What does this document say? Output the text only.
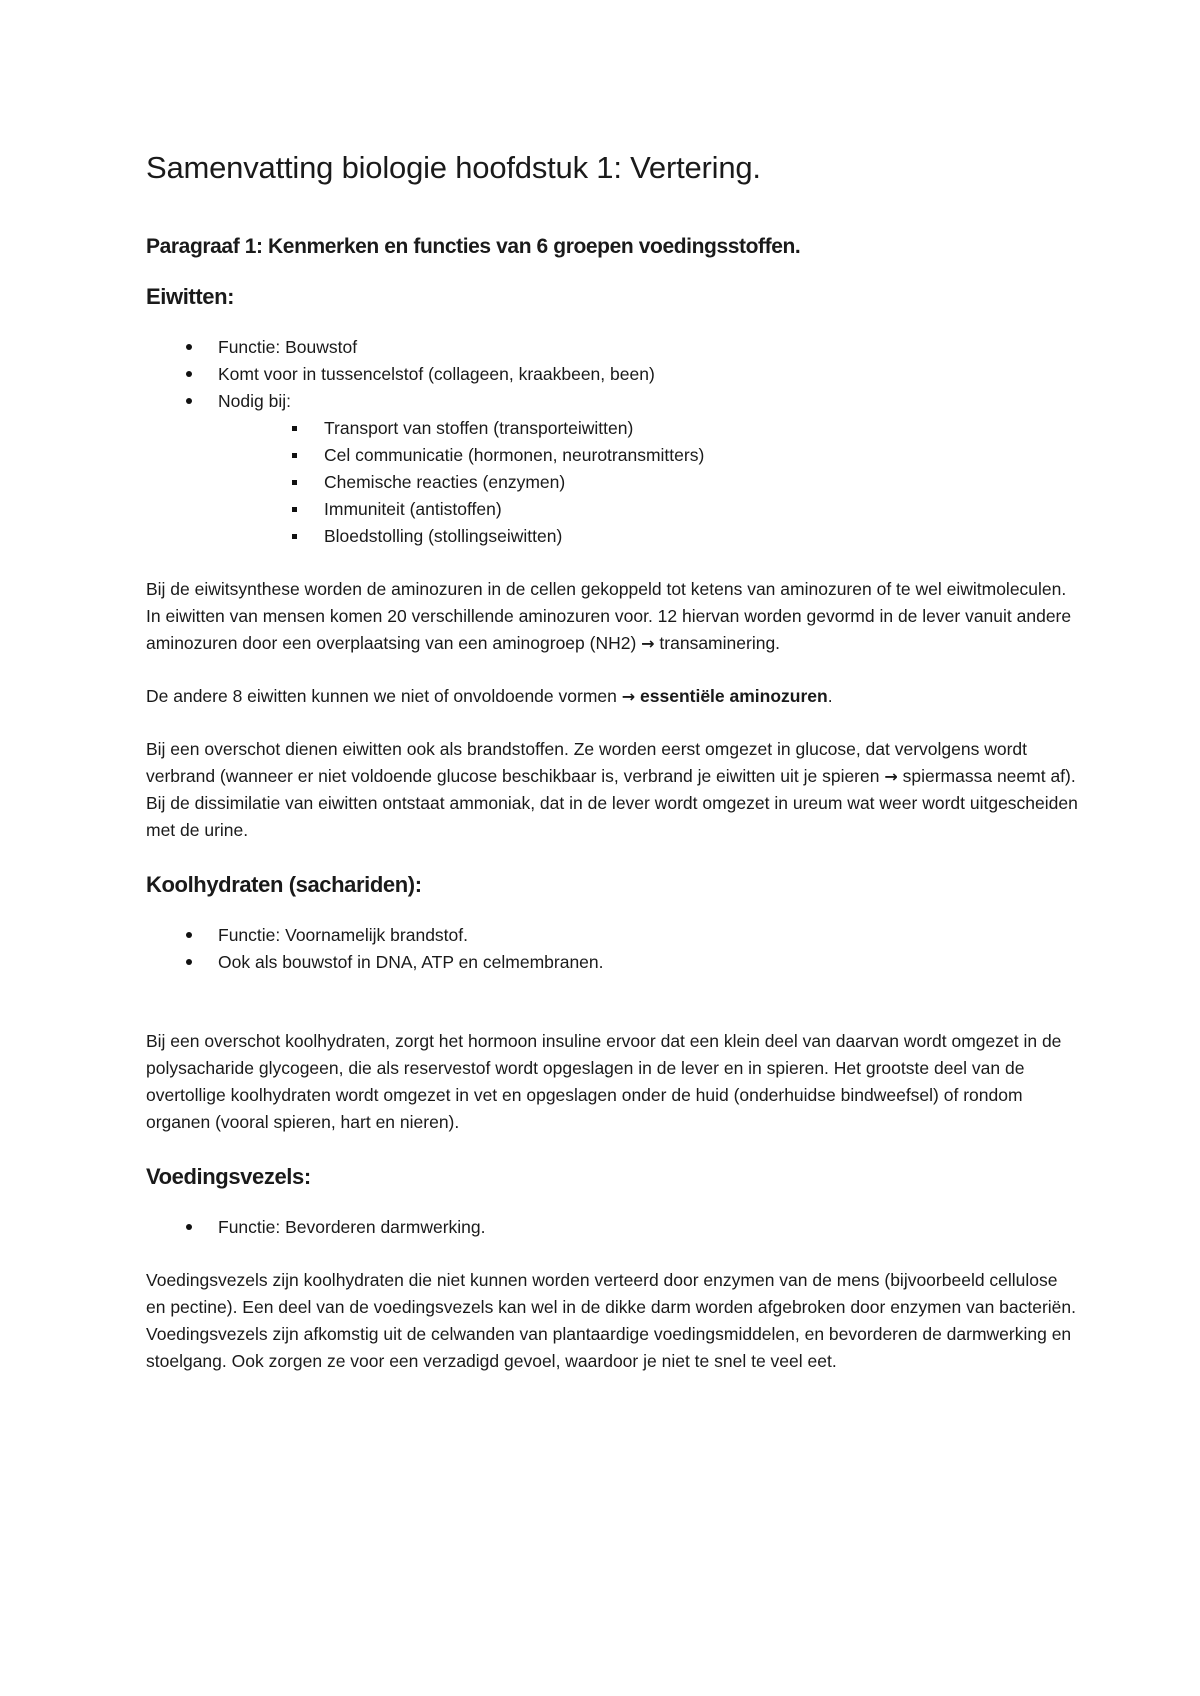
Samenvatting biologie hoofdstuk 1: Vertering.
Paragraaf 1: Kenmerken en functies van 6 groepen voedingsstoffen.
Eiwitten:
Functie: Bouwstof
Komt voor in tussencelstof (collageen, kraakbeen, been)
Nodig bij:
Transport van stoffen (transporteiwitten)
Cel communicatie (hormonen, neurotransmitters)
Chemische reacties (enzymen)
Immuniteit (antistoffen)
Bloedstolling (stollingseiwitten)

Bij de eiwitsynthese worden de aminozuren in de cellen gekoppeld tot ketens van aminozuren of te wel eiwitmoleculen. In eiwitten van mensen komen 20 verschillende aminozuren voor. 12 hiervan worden gevormd in de lever vanuit andere aminozuren door een overplaatsing van een aminogroep (NH2) → transaminering.

De andere 8 eiwitten kunnen we niet of onvoldoende vormen → essentiële aminozuren.

Bij een overschot dienen eiwitten ook als brandstoffen. Ze worden eerst omgezet in glucose, dat vervolgens wordt verbrand (wanneer er niet voldoende glucose beschikbaar is, verbrand je eiwitten uit je spieren → spiermassa neemt af). Bij de dissimilatie van eiwitten ontstaat ammoniak, dat in de lever wordt omgezet in ureum wat weer wordt uitgescheiden met de urine.

Koolhydraten (sachariden):
Functie: Voornamelijk brandstof.
Ook als bouwstof in DNA, ATP en celmembranen.

Bij een overschot koolhydraten, zorgt het hormoon insuline ervoor dat een klein deel van daarvan wordt omgezet in de polysacharide glycogeen, die als reservestof wordt opgeslagen in de lever en in spieren. Het grootste deel van de overtollige koolhydraten wordt omgezet in vet en opgeslagen onder de huid (onderhuidse bindweefsel) of rondom organen (vooral spieren, hart en nieren).

Voedingsvezels:
Functie: Bevorderen darmwerking.

Voedingsvezels zijn koolhydraten die niet kunnen worden verteerd door enzymen van de mens (bijvoorbeeld cellulose en pectine). Een deel van de voedingsvezels kan wel in de dikke darm worden afgebroken door enzymen van bacteriën. Voedingsvezels zijn afkomstig uit de celwanden van plantaardige voedingsmiddelen, en bevorderen de darmwerking en stoelgang. Ook zorgen ze voor een verzadigd gevoel, waardoor je niet te snel te veel eet.
